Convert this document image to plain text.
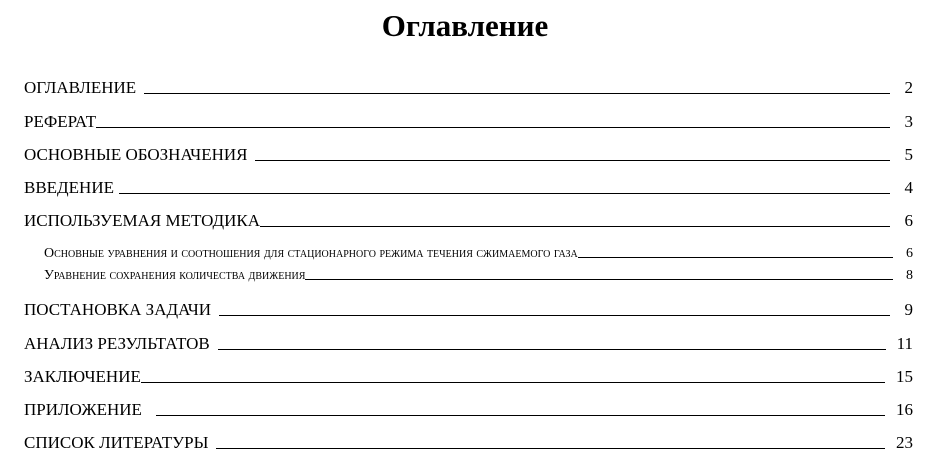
Оглавление
ОГЛАВЛЕНИЕ	2
РЕФЕРАТ	3
ОСНОВНЫЕ ОБОЗНАЧЕНИЯ	5
ВВЕДЕНИЕ	4
ИСПОЛЬЗУЕМАЯ МЕТОДИКА	6
Основные уравнения и соотношения для стационарного режима течения сжимаемого газа	6
Уравнение сохранения количества движения	8
ПОСТАНОВКА ЗАДАЧИ	9
АНАЛИЗ РЕЗУЛЬТАТОВ	11
ЗАКЛЮЧЕНИЕ	15
ПРИЛОЖЕНИЕ	16
СПИСОК ЛИТЕРАТУРЫ	23
